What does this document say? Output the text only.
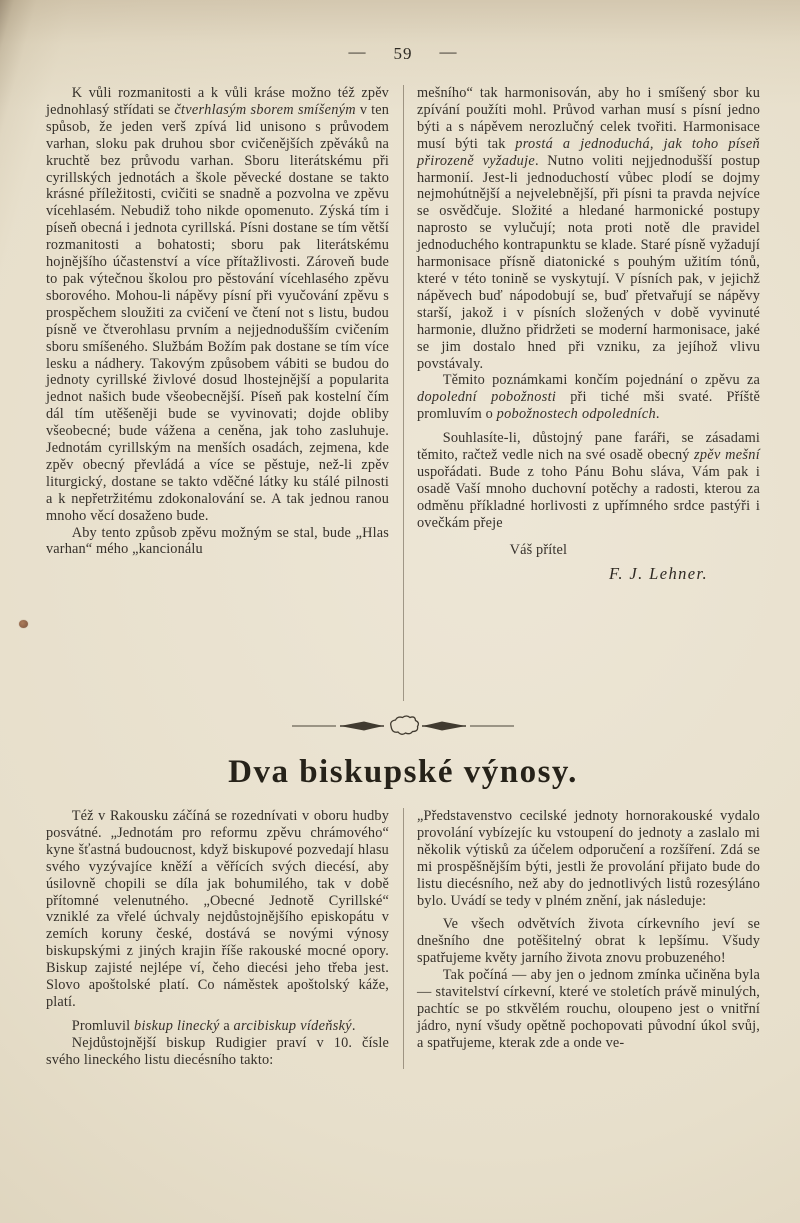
— 59 —

K vůli rozmanitosti a k vůli kráse možno též zpěv jednohlasý střídati se čtverhlasým sborem smíšeným v ten spůsob, že jeden verš zpívá lid unisono s průvodem varhan, sloku pak druhou sbor cvičenějších zpěváků na kruchtě bez průvodu varhan. Sboru literátskému při cyrillských jednotách a škole pěvecké dostane se takto krásné příležitosti, cvičiti se snadně a pozvolna ve zpěvu vícehlasém. Nebudiž toho nikde opomenuto. Zýská tím i píseň obecná i jednota cyrillská. Písni dostane se tím větší rozmanitosti a bohatosti; sboru pak literátskému hojnějšího účastenství a více přítažlivosti. Zároveň bude to pak výtečnou školou pro pěstování vícehlasého zpěvu sborového. Mohou-li nápěvy písní při vyučování zpěvu s prospěchem sloužiti za cvičení ve čtení not s listu, budou písně ve čtverohlasu prvním a nejjednodušším cvičením sboru smíšeného. Službám Božím pak dostane se tím více lesku a nádhery. Takovým způsobem vábiti se budou do jednoty cyrillské živlové dosud lhostejnější a popularita jednot našich bude všeobecnější. Píseň pak kostelní čím dál tím utěšeněji bude se vyvinovati; dojde obliby všeobecné; bude vážena a ceněna, jak toho zasluhuje. Jednotám cyrillským na menších osadách, zejmena, kde zpěv obecný převládá a více se pěstuje, než-li zpěv liturgický, dostane se takto vděčné látky ku stálé pilnosti a k nepřetržitému zdokonalování se. A tak jednou ranou mnoho věcí dosaženo bude.

Aby tento způsob zpěvu možným se stal, bude „Hlas varhan“ mého „kancionálu

mešního“ tak harmonisován, aby ho i smíšený sbor ku zpívání použíti mohl. Průvod varhan musí s písní jedno býti a s nápěvem nerozlučný celek tvořiti. Harmonisace musí býti tak prostá a jednoduchá, jak toho píseň přirozeně vyžaduje. Nutno voliti nejjednodušší postup harmonií. Jest-li jednoduchostí vůbec plodí se dojmy nejmohútnější a nejvelebnější, při písni ta pravda nejvíce se osvědčuje. Složité a hledané harmonické postupy naprosto se vylučují; nota proti notě dle pravidel jednoduchého kontrapunktu se klade. Staré písně vyžadují harmonisace přísně diatonické s pouhým užitím tónů, které v této tonině se vyskytují. V písních pak, v jejichž nápěvech buď nápodobují se, buď přetvařují se nápěvy starší, jakož i v písních složených v době vyvinuté harmonie, dlužno přidržeti se moderní harmonisace, jaké se jim dostalo hned při vzniku, za jejíhož vlivu povstávaly.

Těmito poznámkami končím pojednání o zpěvu za dopolední pobožnosti při tiché mši svaté. Příště promluvím o pobožnostech odpoledních.

Souhlasíte-li, důstojný pane faráři, se zásadami těmito, račtež vedle nich na své osadě obecný zpěv mešní uspořádati. Bude z toho Pánu Bohu sláva, Vám pak i osadě Vaší mnoho duchovní potěchy a radosti, kterou za odměnu příkladné horlivosti z upřímného srdce pastýři i ovečkám přeje

Váš přítel
F. J. Lehner.
Dva biskupské výnosy.

Též v Rakousku záčíná se rozednívati v oboru hudby posvátné. „Jednotám pro reformu zpěvu chrámového“ kyne šťastná budoucnost, když biskupové pozvedají hlasu svého vyzývajíce kněží a věřících svých diecésí, aby úsilovně chopili se díla jak bohumilého, tak v době přítomné velenutného. „Obecné Jednotě Cyrillské“ vzniklé za vřelé úchvaly nejdůstojnějšího episkopátu v zemích koruny české, dostává se novými výnosy biskupskými z jiných krajin říše rakouské mocné opory. Biskup zajisté nejlépe ví, čeho diecési jeho třeba jest. Slovo apoštolské platí. Co náměstek apoštolský káže, platí.

Promluvil biskup linecký a arcibiskup vídeňský.

Nejdůstojnější biskup Rudigier praví v 10. čísle svého lineckého listu diecésního takto:

„Představenstvo cecilské jednoty hornorakouské vydalo provolání vybízejíc ku vstoupení do jednoty a zaslalo mi několik výtisků za účelem odporučení a rozšíření. Zdá se mi prospěšnějším býti, jestli že provolání přijato bude do listu diecésního, než aby do jednotlivých listů rozesýláno bylo. Uvádí se tedy v plném znění, jak následuje:

Ve všech odvětvích života církevního jeví se dnešního dne potěšitelný obrat k lepšímu. Všudy spatřujeme květy jarního života znovu probuzeného!

Tak počíná — aby jen o jednom zmínka učiněna byla — stavitelství církevní, které ve stoletích právě minulých, pachtíc se po stkvělém rouchu, oloupeno jest o vnitřní jádro, nyní všudy opětně pochopovati původní úkol svůj, a spatřujeme, kterak zde a onde ve-
